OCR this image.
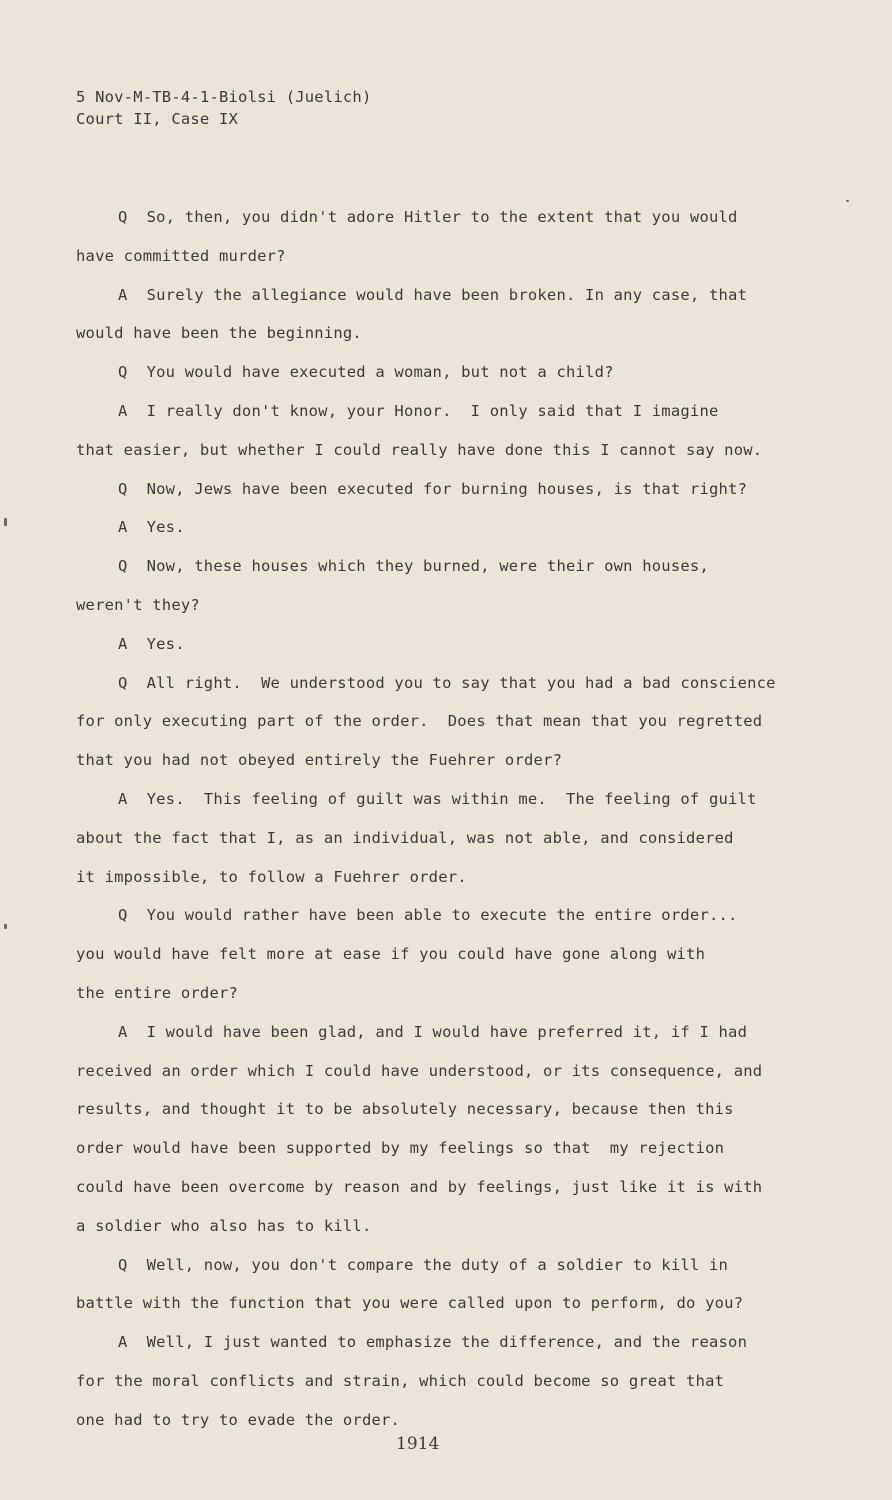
5 Nov-M-TB-4-1-Biolsi (Juelich)
Court II, Case IX
Q  So, then, you didn't adore Hitler to the extent that you would
have committed murder?
A  Surely the allegiance would have been broken. In any case, that
would have been the beginning.
Q  You would have executed a woman, but not a child?
A  I really don't know, your Honor.  I only said that I imagine
that easier, but whether I could really have done this I cannot say now.
Q  Now, Jews have been executed for burning houses, is that right?
A  Yes.
Q  Now, these houses which they burned, were their own houses,
weren't they?
A  Yes.
Q  All right.  We understood you to say that you had a bad conscience
for only executing part of the order.  Does that mean that you regretted
that you had not obeyed entirely the Fuehrer order?
A  Yes.  This feeling of guilt was within me.  The feeling of guilt
about the fact that I, as an individual, was not able, and considered
it impossible, to follow a Fuehrer order.
Q  You would rather have been able to execute the entire order...
you would have felt more at ease if you could have gone along with
the entire order?
A  I would have been glad, and I would have preferred it, if I had
received an order which I could have understood, or its consequence, and
results, and thought it to be absolutely necessary, because then this
order would have been supported by my feelings so that  my rejection
could have been overcome by reason and by feelings, just like it is with
a soldier who also has to kill.
Q  Well, now, you don't compare the duty of a soldier to kill in
battle with the function that you were called upon to perform, do you?
A  Well, I just wanted to emphasize the difference, and the reason
for the moral conflicts and strain, which could become so great that
one had to try to evade the order.
1914
